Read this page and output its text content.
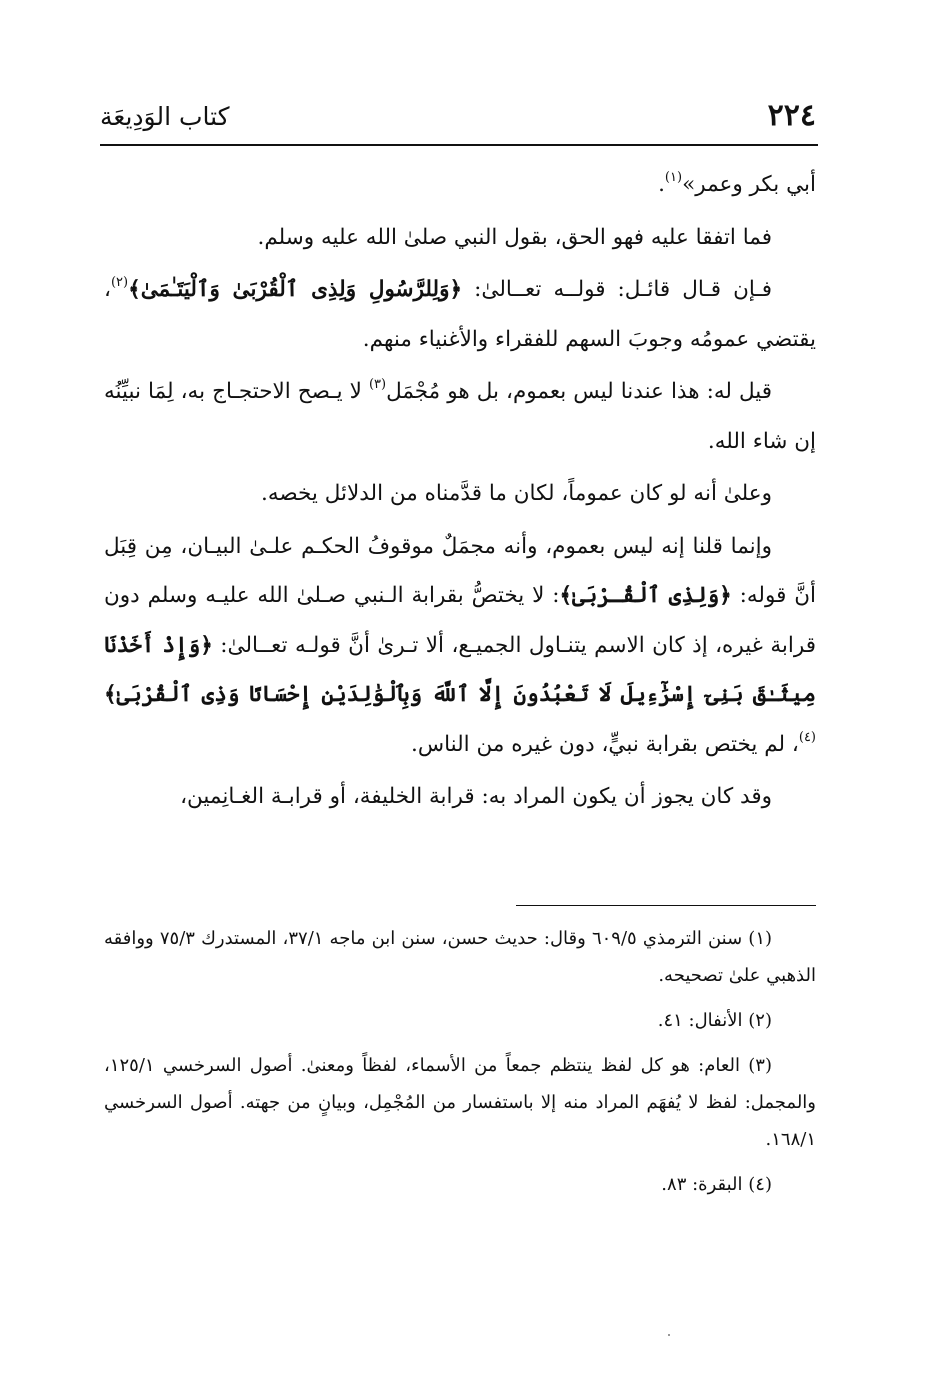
٢٢٤
كتاب الوَدِيعَة

أبي بكر وعمر»$^{(١)}$.

فما اتفقا عليه فهو الحق، بقول النبي صلىٰ الله عليه وسلم.

فـإن قـال قائـل: قولــه تعــالىٰ: ﴿وَلِلرَّسُولِ وَلِذِى ٱلْقُرْبَىٰ وَٱلْيَتَـٰمَىٰ﴾$^{(٢)}$، يقتضي عمومُه وجوبَ السهم للفقراء والأغنياء منهم.

قيل له: هذا عندنا ليس بعموم، بل هو مُجْمَل$^{(٣)}$ لا يـصح الاحتجـاج به، لِمَا نبيِّنُه إن شاء الله.

وعلىٰ أنه لو كان عموماً، لكان ما قدَّمناه من الدلائل يخصه.

وإنما قلنا إنه ليس بعموم، وأنه مجمَلٌ موقوفُ الحكـم علـىٰ البيـان، مِن قِبَل أنَّ قوله: ﴿وَلِذِى ٱلْقُـرْبَىٰ﴾: لا يختصُّ بقرابة الـنبي صـلىٰ الله عليـه وسلم دون قرابة غيره، إذ كان الاسم يتنـاول الجميـع، ألا تـرىٰ أنَّ قولـه تعــالىٰ: ﴿وَإِذْ أَخَذْنَا مِيثَـٰقَ بَنِىٓ إِسْرَٰٓءِيلَ لَا تَعْبُدُونَ إِلَّا ٱللَّهَ وَبِٱلْوَٰلِدَيْنِ إِحْسَانًا وَذِى ٱلْقُرْبَىٰ﴾$^{(٤)}$، لم يختص بقرابة نبيٍّ، دون غيره من الناس.

وقد كان يجوز أن يكون المراد به: قرابة الخليفة، أو قرابـة الغـانِمين،

(١) سنن الترمذي ٦٠٩/٥ وقال: حديث حسن، سنن ابن ماجه ٣٧/١، المستدرك ٧٥/٣ ووافقه الذهبي علىٰ تصحيحه.

(٢) الأنفال: ٤١.

(٣) العام: هو كل لفظ ينتظم جمعاً من الأسماء، لفظاً ومعنىٰ. أصول السرخسي ١٢٥/١، والمجمل: لفظ لا يُفهَم المراد منه إلا باستفسار من المُجْمِل، وبيانٍ من جهته. أصول السرخسي ١٦٨/١.

(٤) البقرة: ٨٣.
